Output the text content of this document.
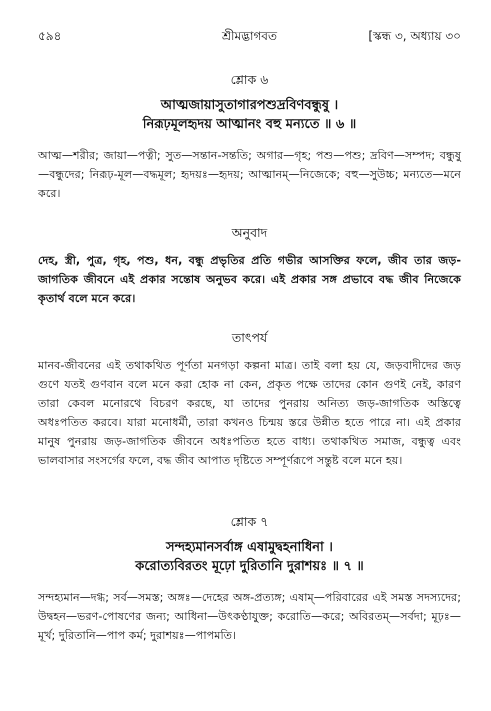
৫৯৪	শ্রীমদ্ভাগবত	[স্কন্ধ ৩, অধ্যায় ৩০
শ্লোক ৬

আত্মজায়াসুতাগারপশুদ্রবিণবন্ধুষু ।

নিরূঢ়মূলহৃদয় আত্মানং বহু মন্যতে ॥ ৬ ॥

আত্ম—শরীর; জায়া—পত্নী; সুত—সন্তান-সন্ততি; অগার—গৃহ; পশু—পশু; দ্রবিণ—সম্পদ; বন্ধুষু—বন্ধুদের; নিরূঢ়-মূল—বদ্ধমূল; হৃদয়ঃ—হৃদয়; আত্মানম্—নিজেকে; বহু—সুউচ্চ; মন্যতে—মনে করে।

অনুবাদ

দেহ, স্ত্রী, পুত্র, গৃহ, পশু, ধন, বন্ধু প্রভৃতির প্রতি গভীর আসক্তির ফলে, জীব তার জড়-জাগতিক জীবনে এই প্রকার সন্তোষ অনুভব করে। এই প্রকার সঙ্গ প্রভাবে বদ্ধ জীব নিজেকে কৃতার্থ বলে মনে করে।

তাৎপর্য

মানব-জীবনের এই তথাকথিত পূর্ণতা মনগড়া কল্পনা মাত্র। তাই বলা হয় যে, জড়বাদীদের জড় গুণে যতই গুণবান বলে মনে করা হোক না কেন, প্রকৃত পক্ষে তাদের কোন গুণই নেই, কারণ তারা কেবল মনোরথে বিচরণ করছে, যা তাদের পুনরায় অনিত্য জড়-জাগতিক অস্তিত্বে অধঃপতিত করবে। যারা মনোধর্মী, তারা কখনও চিন্ময় স্তরে উন্নীত হতে পারে না। এই প্রকার মানুষ পুনরায় জড়-জাগতিক জীবনে অধঃপতিত হতে বাধ্য। তথাকথিত সমাজ, বন্ধুত্ব এবং ভালবাসার সংসর্গের ফলে, বদ্ধ জীব আপাত দৃষ্টিতে সম্পূর্ণরূপে সন্তুষ্ট বলে মনে হয়।

শ্লোক ৭

সন্দহ্যমানসর্বাঙ্গ এষামুদ্বহনাধিনা ।

করোত্যবিরতং মূঢ়ো দুরিতানি দুরাশয়ঃ ॥ ৭ ॥

সন্দহ্যমান—দগ্ধ; সর্ব—সমস্ত; অঙ্গঃ—দেহের অঙ্গ-প্রত্যঙ্গ; এষাম্—পরিবারের এই সমস্ত সদস্যদের; উদ্বহন—ভরণ-পোষণের জন্য; আধিনা—উৎকণ্ঠাযুক্ত; করোতি—করে; অবিরতম্—সর্বদা; মূঢ়ঃ—মূর্খ; দুরিতানি—পাপ কর্ম; দুরাশয়ঃ—পাপমতি।
